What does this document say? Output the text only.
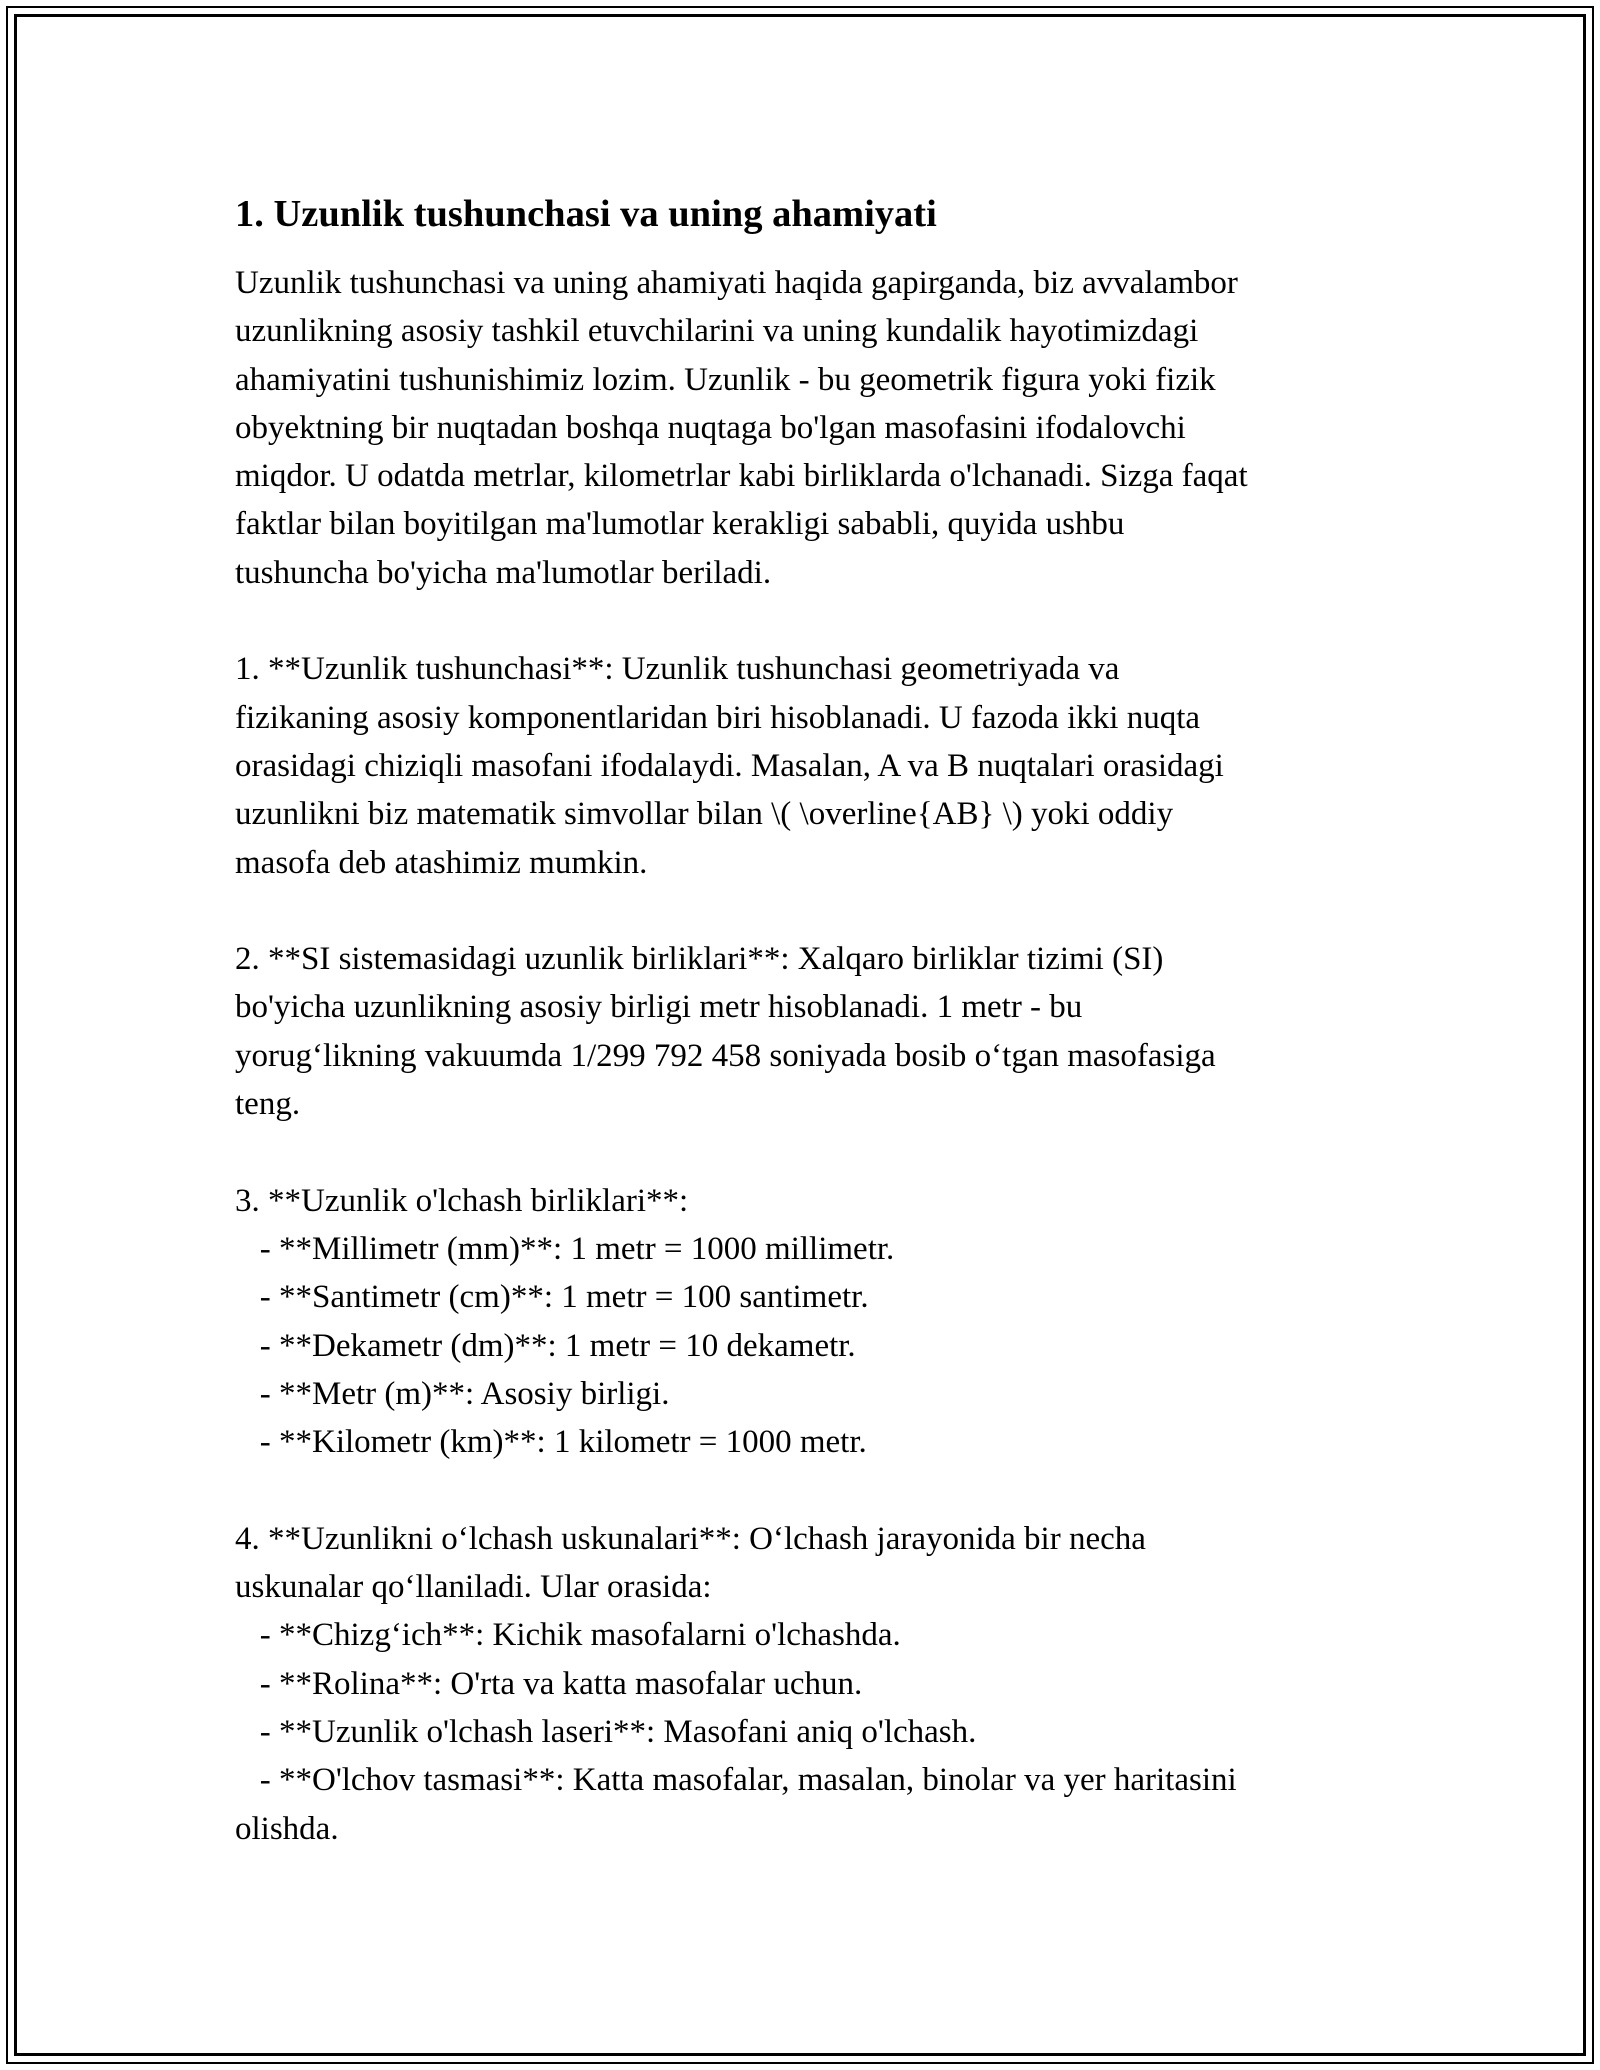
1. Uzunlik tushunchasi va uning ahamiyati
Uzunlik tushunchasi va uning ahamiyati haqida gapirganda, biz avvalambor
uzunlikning asosiy tashkil etuvchilarini va uning kundalik hayotimizdagi
ahamiyatini tushunishimiz lozim. Uzunlik - bu geometrik figura yoki fizik
obyektning bir nuqtadan boshqa nuqtaga bo'lgan masofasini ifodalovchi
miqdor. U odatda metrlar, kilometrlar kabi birliklarda o'lchanadi. Sizga faqat
faktlar bilan boyitilgan ma'lumotlar kerakligi sababli, quyida ushbu
tushuncha bo'yicha ma'lumotlar beriladi.

1. **Uzunlik tushunchasi**: Uzunlik tushunchasi geometriyada va
fizikaning asosiy komponentlaridan biri hisoblanadi. U fazoda ikki nuqta
orasidagi chiziqli masofani ifodalaydi. Masalan, A va B nuqtalari orasidagi
uzunlikni biz matematik simvollar bilan \( \overline{AB} \) yoki oddiy
masofa deb atashimiz mumkin.

2. **SI sistemasidagi uzunlik birliklari**: Xalqaro birliklar tizimi (SI)
bo'yicha uzunlikning asosiy birligi metr hisoblanadi. 1 metr - bu
yorug‘likning vakuumda 1/299 792 458 soniyada bosib o‘tgan masofasiga
teng.

3. **Uzunlik o'lchash birliklari**:
- **Millimetr (mm)**: 1 metr = 1000 millimetr.
- **Santimetr (cm)**: 1 metr = 100 santimetr.
- **Dekametr (dm)**: 1 metr = 10 dekametr.
- **Metr (m)**: Asosiy birligi.
- **Kilometr (km)**: 1 kilometr = 1000 metr.

4. **Uzunlikni o‘lchash uskunalari**: O‘lchash jarayonida bir necha
uskunalar qo‘llaniladi. Ular orasida:
- **Chizg‘ich**: Kichik masofalarni o'lchashda.
- **Rolina**: O'rta va katta masofalar uchun.
- **Uzunlik o'lchash laseri**: Masofani aniq o'lchash.
- **O'lchov tasmasi**: Katta masofalar, masalan, binolar va yer haritasini
olishda.
